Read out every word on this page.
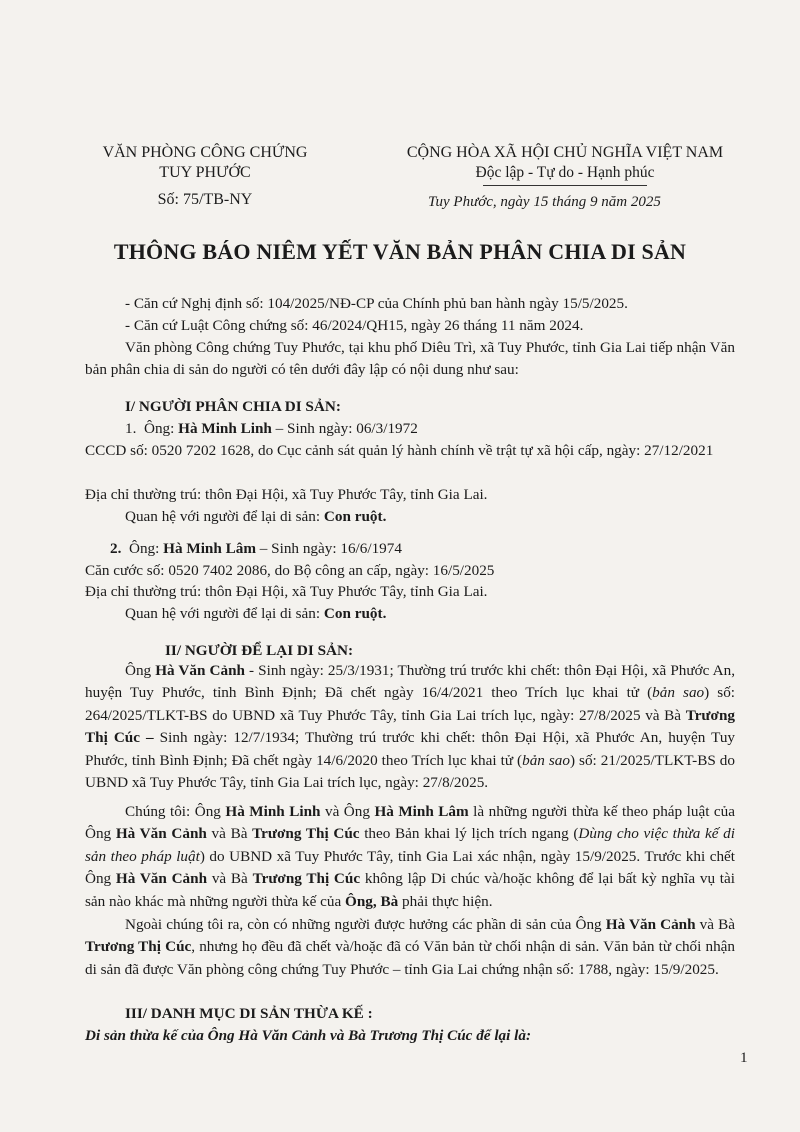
VĂN PHÒNG CÔNG CHỨNG
TUY PHƯỚC
Số: 75/TB-NY
CỘNG HÒA XÃ HỘI CHỦ NGHĨA VIỆT NAM
Độc lập - Tự do - Hạnh phúc
Tuy Phước, ngày 15 tháng 9 năm 2025
THÔNG BÁO NIÊM YẾT VĂN BẢN PHÂN CHIA DI SẢN
- Căn cứ Nghị định số: 104/2025/NĐ-CP của Chính phủ ban hành ngày 15/5/2025.
- Căn cứ Luật Công chứng số: 46/2024/QH15, ngày 26 tháng 11 năm 2024.
Văn phòng Công chứng Tuy Phước, tại khu phố Diêu Trì, xã Tuy Phước, tỉnh Gia Lai tiếp nhận Văn bản phân chia di sản do người có tên dưới đây lập có nội dung như sau:
I/ NGƯỜI PHÂN CHIA DI SẢN:
1. Ông: Hà Minh Linh – Sinh ngày: 06/3/1972
CCCD số: 0520 7202 1628, do Cục cảnh sát quản lý hành chính về trật tự xã hội cấp, ngày: 27/12/2021
Địa chỉ thường trú: thôn Đại Hội, xã Tuy Phước Tây, tỉnh Gia Lai.
Quan hệ với người để lại di sản: Con ruột.
2. Ông: Hà Minh Lâm – Sinh ngày: 16/6/1974
Căn cước số: 0520 7402 2086, do Bộ công an cấp, ngày: 16/5/2025
Địa chỉ thường trú: thôn Đại Hội, xã Tuy Phước Tây, tỉnh Gia Lai.
Quan hệ với người để lại di sản: Con ruột.
II/ NGƯỜI ĐỂ LẠI DI SẢN:
Ông Hà Văn Cảnh - Sinh ngày: 25/3/1931; Thường trú trước khi chết: thôn Đại Hội, xã Phước An, huyện Tuy Phước, tỉnh Bình Định; Đã chết ngày 16/4/2021 theo Trích lục khai tử (bản sao) số: 264/2025/TLKT-BS do UBND xã Tuy Phước Tây, tỉnh Gia Lai trích lục, ngày: 27/8/2025 và Bà Trương Thị Cúc – Sinh ngày: 12/7/1934; Thường trú trước khi chết: thôn Đại Hội, xã Phước An, huyện Tuy Phước, tỉnh Bình Định; Đã chết ngày 14/6/2020 theo Trích lục khai tử (bản sao) số: 21/2025/TLKT-BS do UBND xã Tuy Phước Tây, tỉnh Gia Lai trích lục, ngày: 27/8/2025.
Chúng tôi: Ông Hà Minh Linh và Ông Hà Minh Lâm là những người thừa kế theo pháp luật của Ông Hà Văn Cảnh và Bà Trương Thị Cúc theo Bản khai lý lịch trích ngang (Dùng cho việc thừa kế di sản theo pháp luật) do UBND xã Tuy Phước Tây, tỉnh Gia Lai xác nhận, ngày 15/9/2025. Trước khi chết Ông Hà Văn Cảnh và Bà Trương Thị Cúc không lập Di chúc và/hoặc không để lại bất kỳ nghĩa vụ tài sản nào khác mà những người thừa kế của Ông, Bà phải thực hiện.
Ngoài chúng tôi ra, còn có những người được hưởng các phần di sản của Ông Hà Văn Cảnh và Bà Trương Thị Cúc, nhưng họ đều đã chết và/hoặc đã có Văn bản từ chối nhận di sản. Văn bản từ chối nhận di sản đã được Văn phòng công chứng Tuy Phước – tỉnh Gia Lai chứng nhận số: 1788, ngày: 15/9/2025.
III/ DANH MỤC DI SẢN THỪA KẾ :
Di sản thừa kế của Ông Hà Văn Cảnh và Bà Trương Thị Cúc để lại là:
1
